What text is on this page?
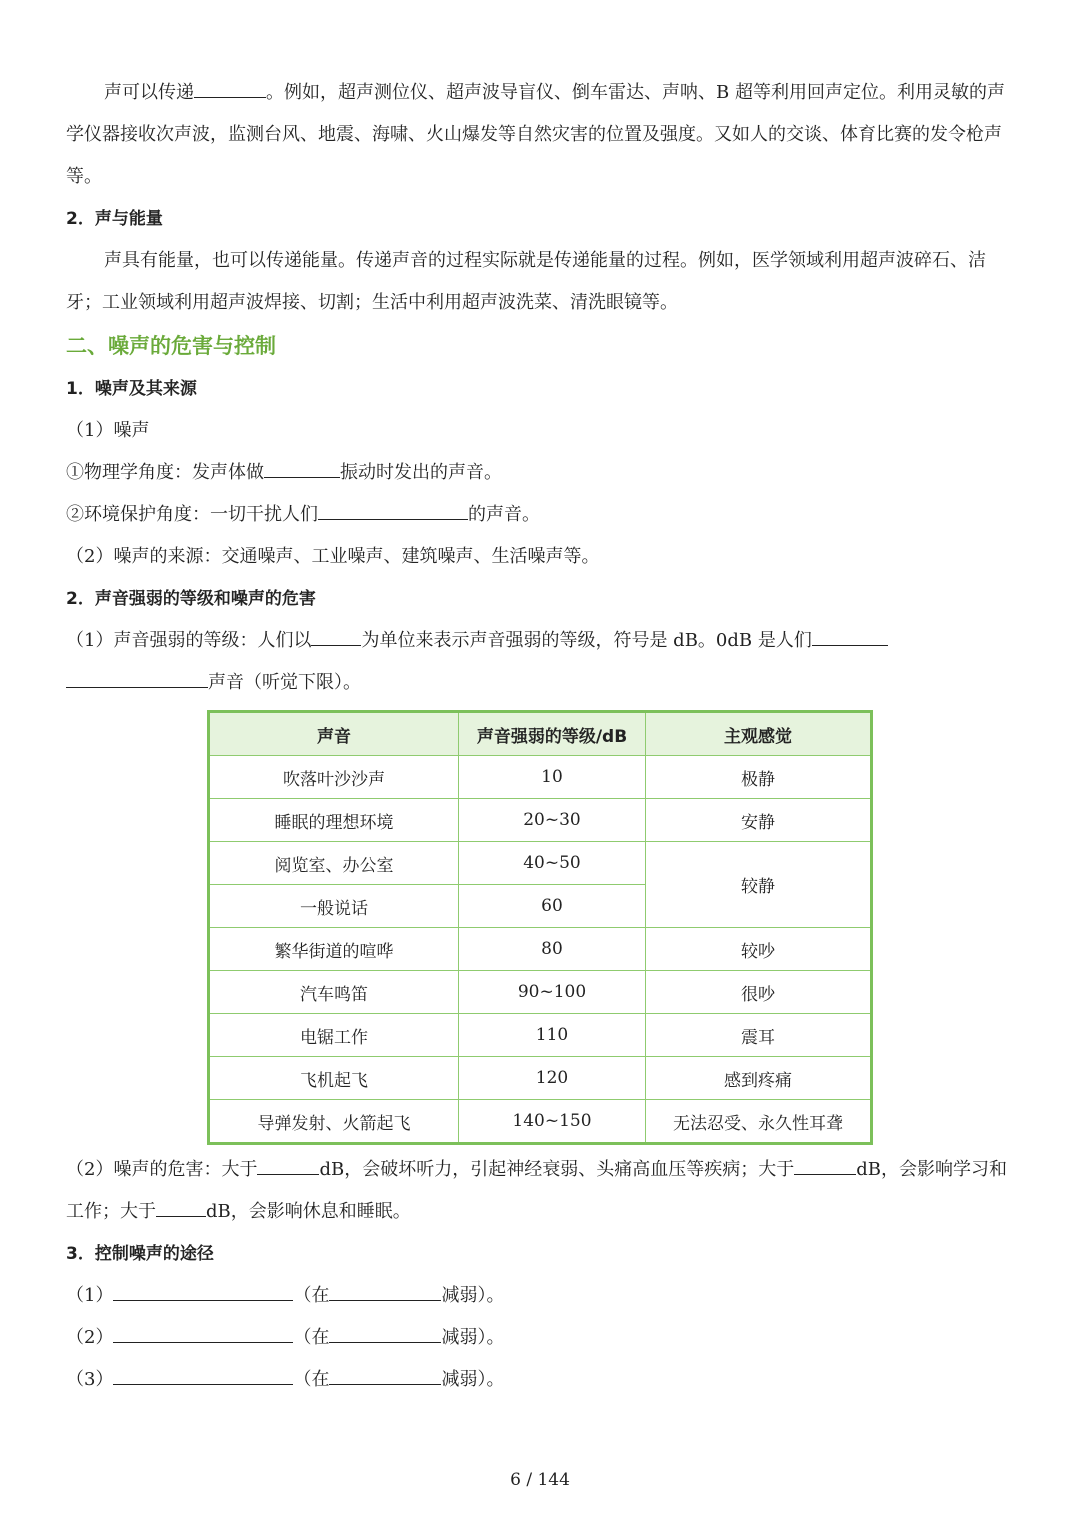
声可以传递	。例如，超声测位仪、超声波导盲仪、倒车雷达、声呐、B 超等利用回声定位。利用灵敏的声学仪器接收次声波，监测台风、地震、海啸、火山爆发等自然灾害的位置及强度。又如人的交谈、体育比赛的发令枪声等。

2．声与能量

声具有能量，也可以传递能量。传递声音的过程实际就是传递能量的过程。例如，医学领域利用超声波碎石、洁牙；工业领域利用超声波焊接、切割；生活中利用超声波洗菜、清洗眼镜等。

二、噪声的危害与控制

1．噪声及其来源

（1）噪声

①物理学角度：发声体做	振动时发出的声音。

②环境保护角度：一切干扰人们	的声音。

（2）噪声的来源：交通噪声、工业噪声、建筑噪声、生活噪声等。

2．声音强弱的等级和噪声的危害

（1）声音强弱的等级：人们以	为单位来表示声音强弱的等级，符号是 dB。0dB 是人们
声音（听觉下限）。

声音	声音强弱的等级/dB	主观感觉
吹落叶沙沙声	10	极静
睡眠的理想环境	20~30	安静
阅览室、办公室	40~50	较静
一般说话	60	
繁华街道的喧哗	80	较吵
汽车鸣笛	90~100	很吵
电锯工作	110	震耳
飞机起飞	120	感到疼痛
导弹发射、火箭起飞	140~150	无法忍受、永久性耳聋

（2）噪声的危害：大于	dB，会破坏听力，引起神经衰弱、头痛高血压等疾病；大于	dB，会影响学习和工作；大于	dB，会影响休息和睡眠。

3．控制噪声的途径

（1）	（在	减弱）。

（2）	（在	减弱）。

（3）	（在	减弱）。

6 / 144
